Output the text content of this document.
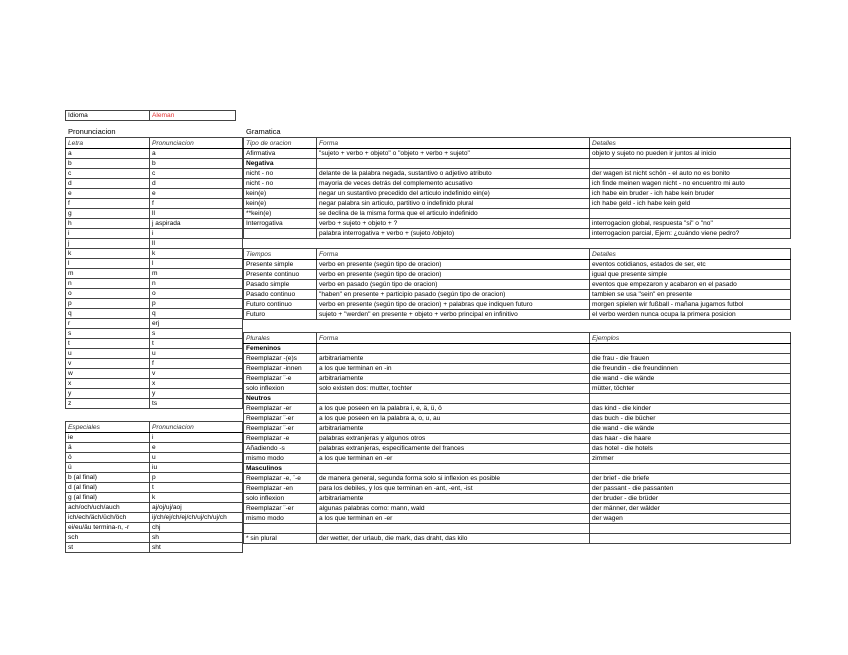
Idioma	Aleman
Pronunciacion
Letra	Pronunciacion
a	a
b	b
c	c
d	d
e	e
f	f
g	ll
h	j aspirada
i	i
j	ll
k	k
l	l
m	m
n	n
o	o
p	p
q	q
r	erj
s	s
t	t
u	u
v	f
w	v
x	x
y	y
z	ts
Especiales	Pronunciacion
ie	i
ä	e
ö	u
ü	iu
b (al final)	p
d (al final)	t
g (al final)	k
ach/och/uch/auch	aj/oj/uj/aoj
ich/ech/äch/üch/öch	ij/ch/ej/ch/ej/ch/uj/ch/uj/ch
ei/eu/äu termina-n, -r	chj
sch	sh
st	sht
Gramatica
Tipo de oracion	Forma	Detalles
Afirmativa	"sujeto + verbo + objeto" o "objeto + verbo + sujeto"	objeto y sujeto no pueden ir juntos al inicio
Negativa		
nicht - no	delante de la palabra negada, sustantivo o adjetivo atributo	der wagen ist nicht schön - el auto no es bonito
nicht - no	mayoria de veces detrás del complemento acusativo	ich finde meinen wagen nicht - no encuentro mi auto
kein(e)	negar un sustantivo precedido del articulo indefinido ein(e)	ich habe ein bruder - ich habe kein bruder
kein(e)	negar palabra sin articulo, partitivo o indefinido plural	ich habe geld - ich habe kein geld
**kein(e)	se declina de la misma forma que el articulo indefinido	
Interrogativa	verbo + sujeto + objeto + ?	interrogacion global, respuesta "si" o "no"
	palabra interrogativa + verbo + (sujeto /objeto)	interrogacion parcial, Ejem: ¿cuándo viene pedro?
Tiempos	Forma	Detalles
Presente simple	verbo en presente (según tipo de oracion)	eventos cotidianos, estados de ser, etc
Presente continuo	verbo en presente (según tipo de oracion)	igual que presente simple
Pasado simple	verbo en pasado (según tipo de oracion)	eventos que empezaron y acabaron en el pasado
Pasado continuo	"haben" en presente + participio pasado (según tipo de oracion)	tambien se usa "sein" en presente
Futuro continuo	verbo en presente (según tipo de oracion) + palabras que indiquen futuro	morgen spielen wir fußball - mañana jugamos futbol
Futuro	sujeto + "werden" en presente + objeto + verbo principal en infinitivo	el verbo werden nunca ocupa la primera posicion
Plurales	Forma	Ejemplos
Femeninos		
Reemplazar -(e)s	arbitrariamente	die frau - die frauen
Reemplazar -innen	a los que terminan en -in	die freundin - die freundinnen
Reemplazar ¨-e	arbitrariamente	die wand - die wände
solo inflexion	solo existen dos: mutter, tochter	mütter, töchter
Neutros		
Reemplazar -er	a los que poseen en la palabra i, e, ä, ü, ö	das kind - die kinder
Reemplazar ¨-er	a los que poseen en la palabra a, o, u, au	das buch - die bücher
Reemplazar ¨-er	arbitrariamente	die wand - die wände
Reemplazar -e	palabras extranjeras y algunos otros	das haar - die haare
Añadiendo -s	palabras extranjeras, especificamente del frances	das hotel - die hotels
mismo modo	a los que terminan en -er	zimmer
Masculinos		
Reemplazar -e, ¨-e	de manera general, segunda forma solo si inflexion es posible	der brief - die briefe
Reemplazar -en	para los debiles, y los que terminan en -ant, -ent, -ist	der passant - die passanten
solo inflexion	arbitrariamente	der bruder - die brüder
Reemplazar ¨-er	algunas palabras como: mann, wald	der männer, der wälder
mismo modo	a los que terminan en -er	der wagen

* sin plural	der wetter, der urlaub, die mark, das draht, das kilo	
